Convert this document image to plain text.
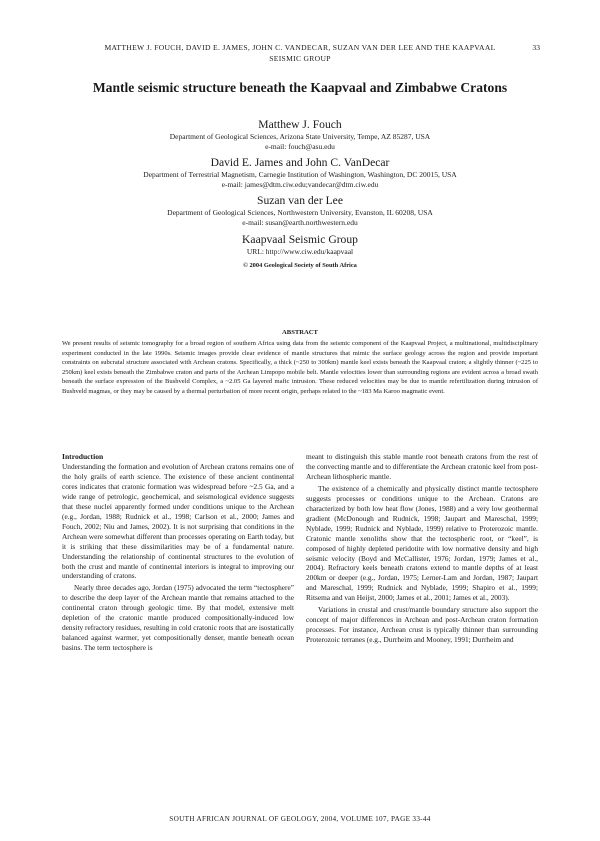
MATTHEW J. FOUCH, DAVID E. JAMES, JOHN C. VANDECAR, SUZAN VAN DER LEE AND THE KAAPVAAL SEISMIC GROUP
33
Mantle seismic structure beneath the Kaapvaal and Zimbabwe Cratons
Matthew J. Fouch
Department of Geological Sciences, Arizona State University, Tempe, AZ 85287, USA
e-mail: fouch@asu.edu
David E. James and John C. VanDecar
Department of Terrestrial Magnetism, Carnegie Institution of Washington, Washington, DC 20015, USA
e-mail: james@dtm.ciw.edu;vandecar@dtm.ciw.edu
Suzan van der Lee
Department of Geological Sciences, Northwestern University, Evanston, IL 60208, USA
e-mail: susan@earth.northwestern.edu
Kaapvaal Seismic Group
URL: http://www.ciw.edu/kaapvaal
© 2004 Geological Society of South Africa
ABSTRACT
We present results of seismic tomography for a broad region of southern Africa using data from the seismic component of the Kaapvaal Project, a multinational, multidisciplinary experiment conducted in the late 1990s. Seismic images provide clear evidence of mantle structures that mimic the surface geology across the region and provide important constraints on subcratal structure associated with Archean cratons. Specifically, a thick (~250 to 300km) mantle keel exists beneath the Kaapvaal craton; a slightly thinner (~225 to 250km) keel exists beneath the Zimbabwe craton and parts of the Archean Limpopo mobile belt. Mantle velocities lower than surrounding regions are evident across a broad swath beneath the surface expression of the Bushveld Complex, a ~2.05 Ga layered mafic intrusion. These reduced velocities may be due to mantle refertilization during intrusion of Bushveld magmas, or they may be caused by a thermal perturbation of more recent origin, perhaps related to the ~183 Ma Karoo magmatic event.
Introduction

Understanding the formation and evolution of Archean cratons remains one of the holy grails of earth science. The existence of these ancient continental cores indicates that cratonic formation was widespread before ~2.5 Ga, and a wide range of petrologic, geochemical, and seismological evidence suggests that these nuclei apparently formed under conditions unique to the Archean (e.g., Jordan, 1988; Rudnick et al., 1998; Carlson et al., 2000; James and Fouch, 2002; Niu and James, 2002). It is not surprising that conditions in the Archean were somewhat different than processes operating on Earth today, but it is striking that these dissimilarities may be of a fundamental nature. Understanding the relationship of continental structures to the evolution of both the crust and mantle of continental interiors is integral to improving our understanding of cratons.

Nearly three decades ago, Jordan (1975) advocated the term “tectosphere” to describe the deep layer of the Archean mantle that remains attached to the continental craton through geologic time. By that model, extensive melt depletion of the cratonic mantle produced compositionally-induced low density refractory residues, resulting in cold cratonic roots that are isostatically balanced against warmer, yet compositionally denser, mantle beneath ocean basins. The term tectosphere is

meant to distinguish this stable mantle root beneath cratons from the rest of the convecting mantle and to differentiate the Archean cratonic keel from post-Archean lithospheric mantle.

The existence of a chemically and physically distinct mantle tectosphere suggests processes or conditions unique to the Archean. Cratons are characterized by both low heat flow (Jones, 1988) and a very low geothermal gradient (McDonough and Rudnick, 1998; Jaupart and Mareschal, 1999; Nyblade, 1999; Rudnick and Nyblade, 1999) relative to Proterozoic mantle. Cratonic mantle xenoliths show that the tectospheric root, or “keel”, is composed of highly depleted peridotite with low normative density and high seismic velocity (Boyd and McCallister, 1976; Jordan, 1979; James et al., 2004). Refractory keels beneath cratons extend to mantle depths of at least 200km or deeper (e.g., Jordan, 1975; Lerner-Lam and Jordan, 1987; Jaupart and Mareschal, 1999; Rudnick and Nyblade, 1999; Shapiro et al., 1999; Ritsema and van Heijst, 2000; James et al., 2001; James et al., 2003).

Variations in crustal and crust/mantle boundary structure also support the concept of major differences in Archean and post-Archean craton formation processes. For instance, Archean crust is typically thinner than surrounding Proterozoic terranes (e.g., Durrheim and Mooney, 1991; Durrheim and

SOUTH AFRICAN JOURNAL OF GEOLOGY, 2004, VOLUME 107, PAGE 33-44
